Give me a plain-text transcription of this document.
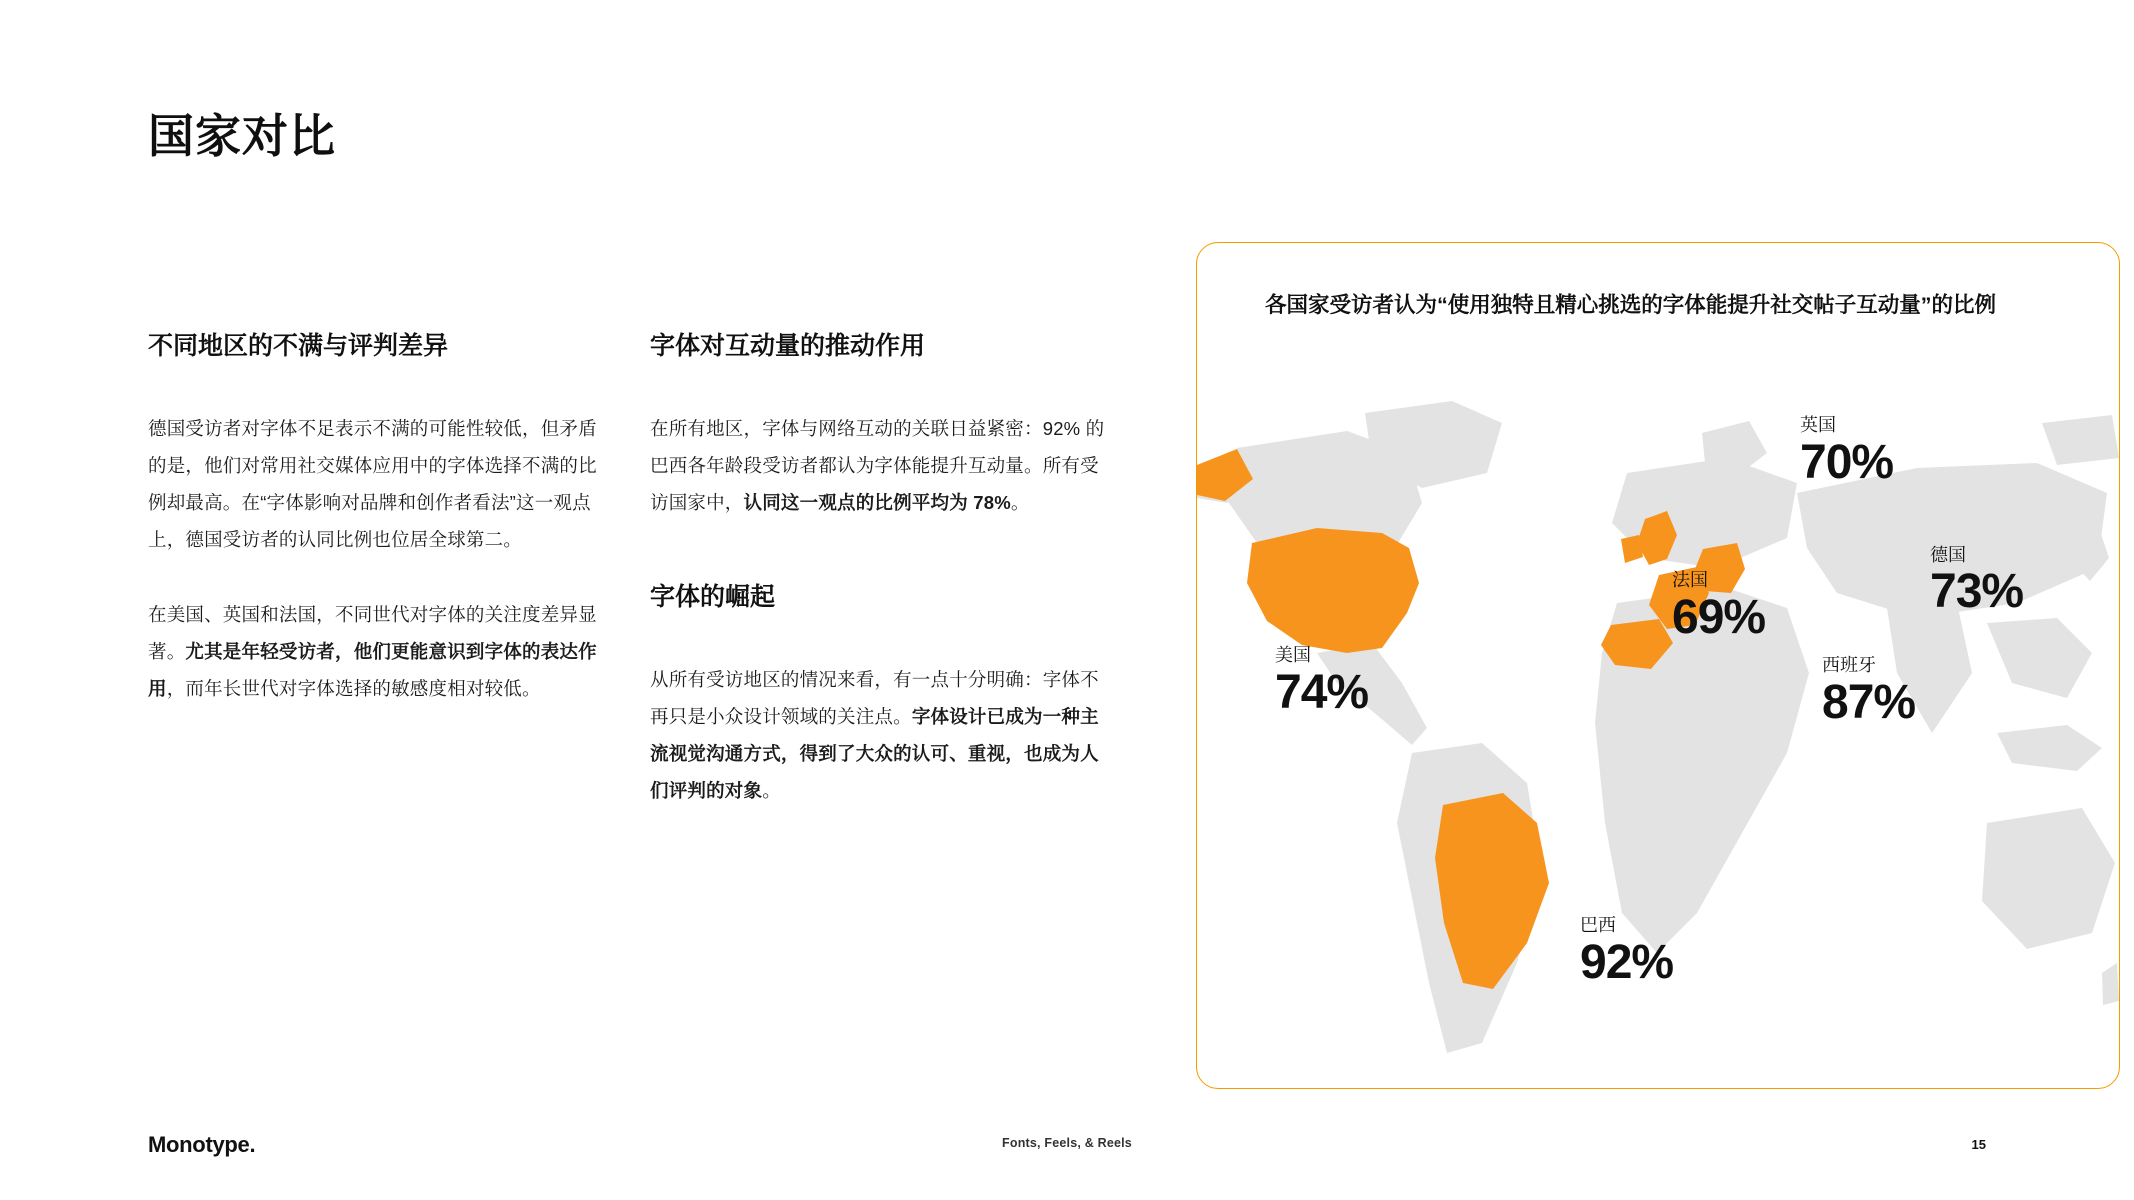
国家对比
不同地区的不满与评判差异

德国受访者对字体不足表示不满的可能性较低，但矛盾的是，他们对常用社交媒体应用中的字体选择不满的比例却最高。在“字体影响对品牌和创作者看法”这一观点上，德国受访者的认同比例也位居全球第二。

在美国、英国和法国，不同世代对字体的关注度差异显著。尤其是年轻受访者，他们更能意识到字体的表达作用，而年长世代对字体选择的敏感度相对较低。

字体对互动量的推动作用

在所有地区，字体与网络互动的关联日益紧密：92% 的巴西各年龄段受访者都认为字体能提升互动量。所有受访国家中，认同这一观点的比例平均为 78%。

字体的崛起

从所有受访地区的情况来看，有一点十分明确：字体不再只是小众设计领域的关注点。字体设计已成为一种主流视觉沟通方式，得到了大众的认可、重视，也成为人们评判的对象。

各国家受访者认为“使用独特且精心挑选的字体能提升社交帖子互动量”的比例
美国
74%
巴西
92%
英国
70%
法国
69%
德国
73%
西班牙
87%
Monotype.	Fonts, Feels, & Reels	15
